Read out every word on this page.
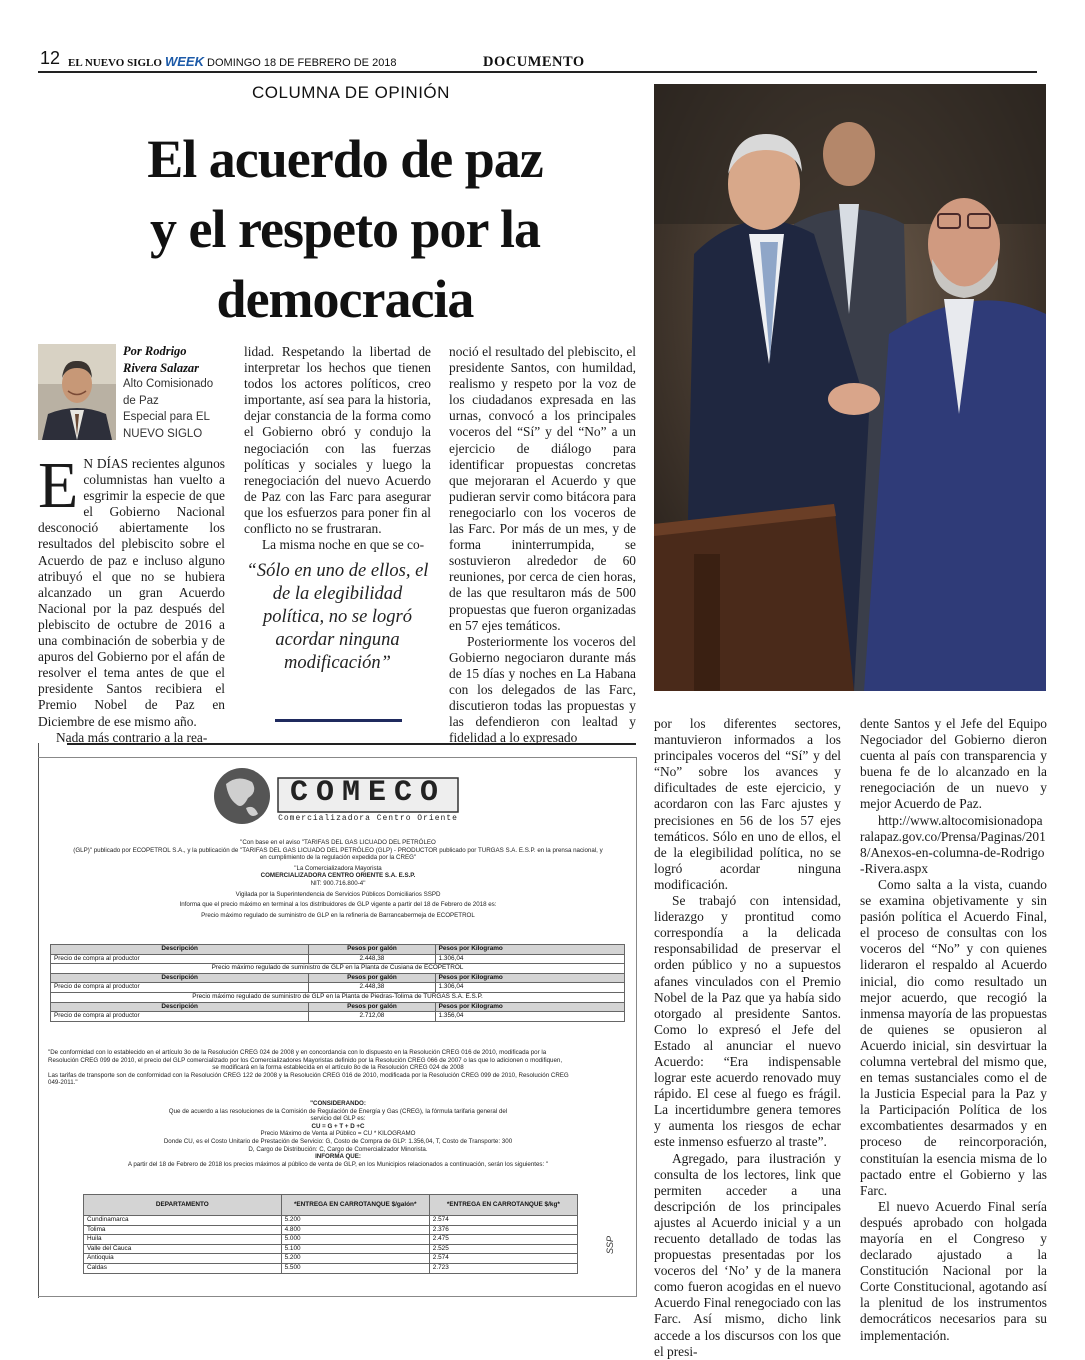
12 EL NUEVO SIGLO WEEK DOMINGO 18 DE FEBRERO DE 2018	DOCUMENTO
COLUMNA DE OPINIÓN
El acuerdo de paz
y el respeto por la
democracia
Por Rodrigo
Rivera Salazar
Alto Comisionado
de Paz
Especial para EL
NUEVO SIGLO
E N DÍAS recientes algunos columnistas han vuelto a esgrimir la especie de que el Gobierno Nacional desconoció abiertamente los resultados del plebiscito sobre el Acuerdo de paz e incluso alguno atribuyó el que no se hubiera alcanzado un gran Acuerdo Nacional por la paz después del plebiscito de octubre de 2016 a una combinación de soberbia y de apuros del Gobierno por el afán de resolver el tema antes de que el presidente Santos recibiera el Premio Nobel de Paz en Diciembre de ese mismo año.

Nada más contrario a la rea-

lidad. Respetando la libertad de interpretar los hechos que tienen todos los actores políticos, creo importante, así sea para la historia, dejar constancia de la forma como el Gobierno obró y condujo la negociación con las fuerzas políticas y sociales y luego la renegociación del nuevo Acuerdo de Paz con las Farc para asegurar que los esfuerzos para poner fin al conflicto no se frustraran.

La misma noche en que se co-

“Sólo en uno de ellos, el de la elegibilidad política, no se logró acordar ninguna modificación”

noció el resultado del plebiscito, el presidente Santos, con humildad, realismo y respeto por la voz de los ciudadanos expresada en las urnas, convocó a los principales voceros del “Sí” y del “No” a un ejercicio de diálogo para identificar propuestas concretas que mejoraran el Acuerdo y que pudieran servir como bitácora para renegociarlo con los voceros de las Farc. Por más de un mes, y de forma ininterrumpida, se sostuvieron alrededor de 60 reuniones, por cerca de cien horas, de las que resultaron más de 500 propuestas que fueron organizadas en 57 ejes temáticos.

Posteriormente los voceros del Gobierno negociaron durante más de 15 días y noches en La Habana con los delegados de las Farc, discutieron todas las propuestas y las defendieron con lealtad y fidelidad a lo expresado

por los diferentes sectores, mantuvieron informados a los principales voceros del “Sí” y del “No” sobre los avances y dificultades de este ejercicio, y acordaron con las Farc ajustes y precisiones en 56 de los 57 ejes temáticos. Sólo en uno de ellos, el de la elegibilidad política, no se logró acordar ninguna modificación.

Se trabajó con intensidad, liderazgo y prontitud como correspondía a la delicada responsabilidad de preservar el orden público y no a supuestos afanes vinculados con el Premio Nobel de la Paz que ya había sido otorgado al presidente Santos. Como lo expresó el Jefe del Estado al anunciar el nuevo Acuerdo: “Era indispensable lograr este acuerdo renovado muy rápido. El cese al fuego es frágil. La incertidumbre genera temores y aumenta los riesgos de echar este inmenso esfuerzo al traste”.

Agregado, para ilustración y consulta de los lectores, link que permiten acceder a una descripción de los principales ajustes al Acuerdo inicial y a un recuento detallado de todas las propuestas presentadas por los voceros del ‘No’ y de la manera como fueron acogidas en el nuevo Acuerdo Final renegociado con las Farc. Así mismo, dicho link accede a los discursos con los que el presi-

dente Santos y el Jefe del Equipo Negociador del Gobierno dieron cuenta al país con transparencia y buena fe de lo alcanzado en la renegociación de un nuevo y mejor Acuerdo de Paz.

http://www.altocomisionadoparalapaz.gov.co/Prensa/Paginas/2018/Anexos-en-columna-de-Rodrigo-Rivera.aspx

Como salta a la vista, cuando se examina objetivamente y sin pasión política el Acuerdo Final, el proceso de consultas con los voceros del “No” y con quienes lideraron el respaldo al Acuerdo inicial, dio como resultado un mejor acuerdo, que recogió la inmensa mayoría de las propuestas de quienes se opusieron al Acuerdo inicial, sin desvirtuar la columna vertebral del mismo que, en temas sustanciales como el de la Justicia Especial para la Paz y la Participación Política de los excombatientes desarmados y en proceso de reincorporación, constituían la esencia misma de lo pactado entre el Gobierno y las Farc.

El nuevo Acuerdo Final sería después aprobado con holgada mayoría en el Congreso y declarado ajustado a la Constitución Nacional por la Corte Constitucional, agotando así la plenitud de los instrumentos democráticos necesarios para su implementación.

COMECO
Comercializadora Centro Oriente
"Con base en el aviso "TARIFAS DEL GAS LICUADO DEL PETRÓLEO
(GLP)" publicado por ECOPETROL S.A., y la publicación de "TARIFAS DEL GAS LICUADO DEL PETRÓLEO (GLP) - PRODUCTOR publicado por TURGAS S.A. E.S.P. en la prensa nacional, y
en cumplimiento de la regulación expedida por la CREG"
"La Comercializadora Mayorista
COMERCIALIZADORA CENTRO ORIENTE S.A. E.S.P.
NIT: 900.716.800-4"
Vigilada por la Superintendencia de Servicios Públicos Domiciliarios SSPD
Informa que el precio máximo en terminal a los distribuidores de GLP vigente a partir del 18 de Febrero de 2018 es:
Precio máximo regulado de suministro de GLP en la refinería de Barrancabermeja de ECOPETROL
Descripción	Pesos por galón	Pesos por Kilogramo
Precio de compra al productor	2.448,38	1.306,04
Precio máximo regulado de suministro de GLP en la Planta de Cusiana de ECOPETROL		
Descripción	Pesos por galón	Pesos por Kilogramo
Precio de compra al productor	2.448,38	1.306,04
Precio máximo regulado de suministro de GLP en la Planta de Piedras-Tolima de TURGAS S.A. E.S.P.		
Descripción	Pesos por galón	Pesos por Kilogramo
Precio de compra al productor	2.712,08	1.356,04
"De conformidad con lo establecido en el artículo 3o de la Resolución CREG 024 de 2008 y en concordancia con lo dispuesto en la Resolución CREG 016 de 2010, modificada por la
Resolución CREG 099 de 2010, el precio del GLP comercializado por los Comercializadores Mayoristas definido por la Resolución CREG 066 de 2007 o las que lo adicionen o modifiquen,
se modificará en la forma establecida en el artículo 8o de la Resolución CREG 024 de 2008
Las tarifas de transporte son de conformidad con la Resolución CREG 122 de 2008 y la Resolución CREG 016 de 2010, modificada por la Resolución CREG 099 de 2010, Resolución CREG
049-2011."
"CONSIDERANDO:
Que de acuerdo a las resoluciones de la Comisión de Regulación de Energía y Gas (CREG), la fórmula tarifaria general del
servicio del GLP es:
CU = G + T + D +C
Precio Máximo de Venta al Público = CU * KILOGRAMO
Donde CU, es el Costo Unitario de Prestación de Servicio: G, Costo de Compra de GLP: 1.356,04, T, Costo de Transporte: 300
D, Cargo de Distribución: C, Cargo de Comercializador Minorista.
INFORMA QUE:
A partir del 18 de Febrero de 2018 los precios máximos al público de venta de GLP, en los Municipios relacionados a continuación, serán los siguientes: "
DEPARTAMENTO	*ENTREGA EN CARROTANQUE $/galón*	*ENTREGA EN CARROTANQUE $/kg*
Cundinamarca	5.200	2.574
Tolima	4.800	2.376
Huila	5.000	2.475
Valle del Cauca	5.100	2.525
Antioquia	5.200	2.574
Caldas	5.500	2.723
SSP
